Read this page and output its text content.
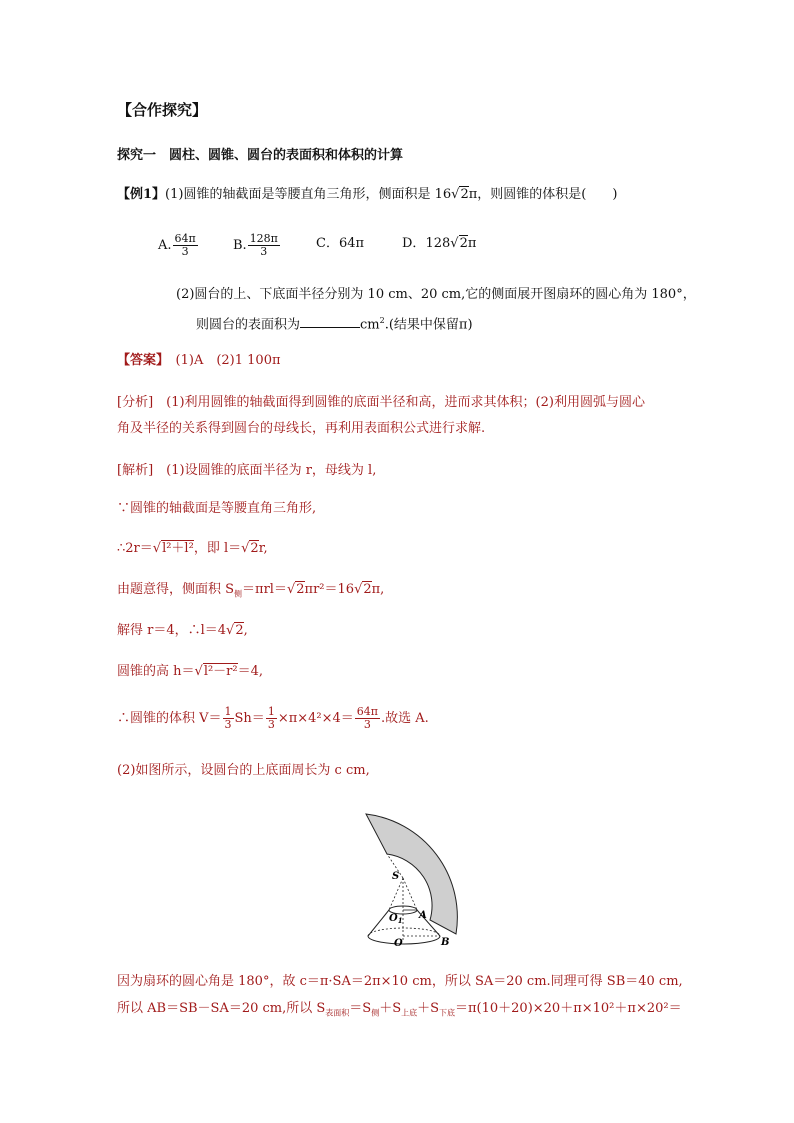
【合作探究】
探究一　圆柱、圆锥、圆台的表面积和体积的计算
【例1】(1)圆锥的轴截面是等腰直角三角形，侧面积是 16√2π，则圆锥的体积是(　　)
A. $\frac{64\pi}{3}$	B. $\frac{128\pi}{3}$	C．64π	D．128√2π
(2)圆台的上、下底面半径分别为 10 cm、20 cm,它的侧面展开图扇环的圆心角为 180°，
则圆台的表面积为	$cm^2$.(结果中保留π)
【答案】　 (1)A　(2)1 100π
[分析]　(1)利用圆锥的轴截面得到圆锥的底面半径和高，进而求其体积；(2)利用圆弧与圆心
角及半径的关系得到圆台的母线长，再利用表面积公式进行求解.
[解析]　(1)设圆锥的底面半径为 r，母线为 l,
∵圆锥的轴截面是等腰直角三角形,
∴2r＝√l²＋l²，即 l＝√2r,
由题意得，侧面积 $S_侧=\pi rl=√2\pi r^2=16√2\pi$,
解得 r＝4，∴l＝4√2,
圆锥的高 h＝√l²－r²＝4,
∴圆锥的体积 $V= \frac{1}{3} Sh= \frac{1}{3} \times\pi\times 4^2\times 4= \frac{64\pi}{3}$ .故选 A.
(2)如图所示，设圆台的上底面周长为 c cm,
S
$O_1$ A
O	B
因为扇环的圆心角是 180°，故 c＝π·SA＝2π×10 cm，所以 SA＝20 cm.同理可得 SB＝40 cm,
所以 AB＝SB－SA＝20 cm,所以 $S_{表面积}=S_侧+S_{上底}+S_{下底}=\pi(10+20)\times 20+\pi\times 10^2+\pi\times 20^2=$
